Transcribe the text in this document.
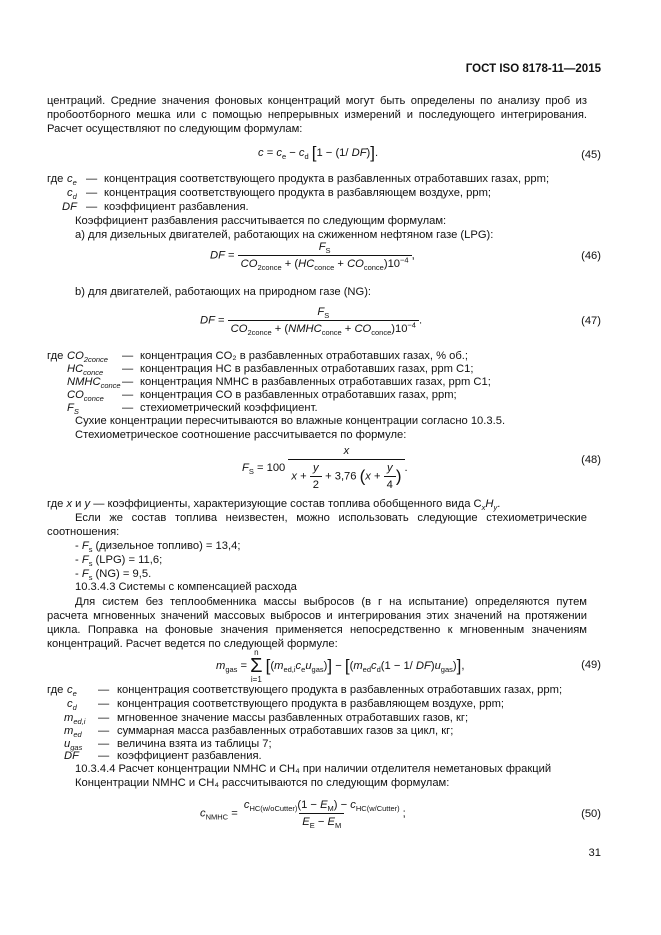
ГОСТ ISO 8178-11—2015
центраций. Средние значения фоновых концентраций могут быть определены по анализу проб из пробоотборного мешка или с помощью непрерывных измерений и последующего интегрирования. Расчет осуществляют по следующим формулам:
$c = c_e - c_d$ [1 − (1/ DF)].	(45)
где $c_e$ — концентрация соответствующего продукта в разбавленных отработавших газах, ppm;
$c_d$ — концентрация соответствующего продукта в разбавляющем воздухе, ppm;
DF — коэффициент разбавления.
Коэффициент разбавления рассчитывается по следующим формулам:
a) для дизельных двигателей, работающих на сжиженном нефтяном газе (LPG):
DF = $\frac{F_S}{CO_{2conce} + (HC_{conce} + CO_{conce})10^{-4}}$ ,	(46)
b) для двигателей, работающих на природном газе (NG):
DF = $\frac{F_S}{CO_{2conce} + (NMHC_{conce} + CO_{conce})10^{-4}}$ .	(47)
где $CO_{2conce}$ — концентрация CO₂ в разбавленных отработавших газах, % об.;
$HC_{conce}$ — концентрация HC в разбавленных отработавших газах, ppm C1;
$NMHC_{conce}$ — концентрация NMHC в разбавленных отработавших газах, ppm C1;
$CO_{conce}$ — концентрация CO в разбавленных отработавших газах, ppm;
$F_S$	— стехиометрический коэффициент.
Сухие концентрации пересчитываются во влажные концентрации согласно 10.3.5.
Стехиометрическое соотношение рассчитывается по формуле:
$F_S = 100 \frac{x}{x + \frac{y}{2} + 3,76 (x + \frac{y}{4} )}$ .
(48)
где x и y — коэффициенты, характеризующие состав топлива обобщенного вида $C_xH_y$.
Если же состав топлива неизвестен, можно использовать следующие стехиометрические соотношения:
- $F_s$ (дизельное топливо) = 13,4;
- $F_s$ (LPG) = 11,6;
- $F_s$ (NG) = 9,5.
10.3.4.3 Системы с компенсацией расхода
Для систем без теплообменника массы выбросов (в г на испытание) определяются путем расчета мгновенных значений массовых выбросов и интегрирования этих значений на протяжении цикла. Поправка на фоновые значения применяется непосредственно к мгновенным значениям концентраций. Расчет ведется по следующей формуле:
$m_{gas}$ =
n
Σ
i=1
$[(m_{ed,i}c_eu_{gas})] - [(m_{ed}c_d(1 - 1/$ $DF)u_{gas}$)],	(49)
где $c_e$ — концентрация соответствующего продукта в разбавленных отработавших газах, ppm;
$c_d$ — концентрация соответствующего продукта в разбавляющем воздухе, ppm;
$m_{ed,i}$ — мгновенное значение массы разбавленных отработавших газов, кг;
$m_{ed}$ — суммарная масса разбавленных отработавших газов за цикл, кг;
$u_{gas}$ — величина взята из таблицы 7;
DF — коэффициент разбавления.
10.3.4.4 Расчет концентрации NMHC и CH₄ при наличии отделителя неметановых фракций
Концентрации NMHC и CH₄ рассчитываются по следующим формулам:
$c_{NMHC} = \frac{c_{HC(w/oCutter)}(1 - E_M) - c_{HC(w/Cutter)}}{E_E - E_M}$ ;	(50)
31
